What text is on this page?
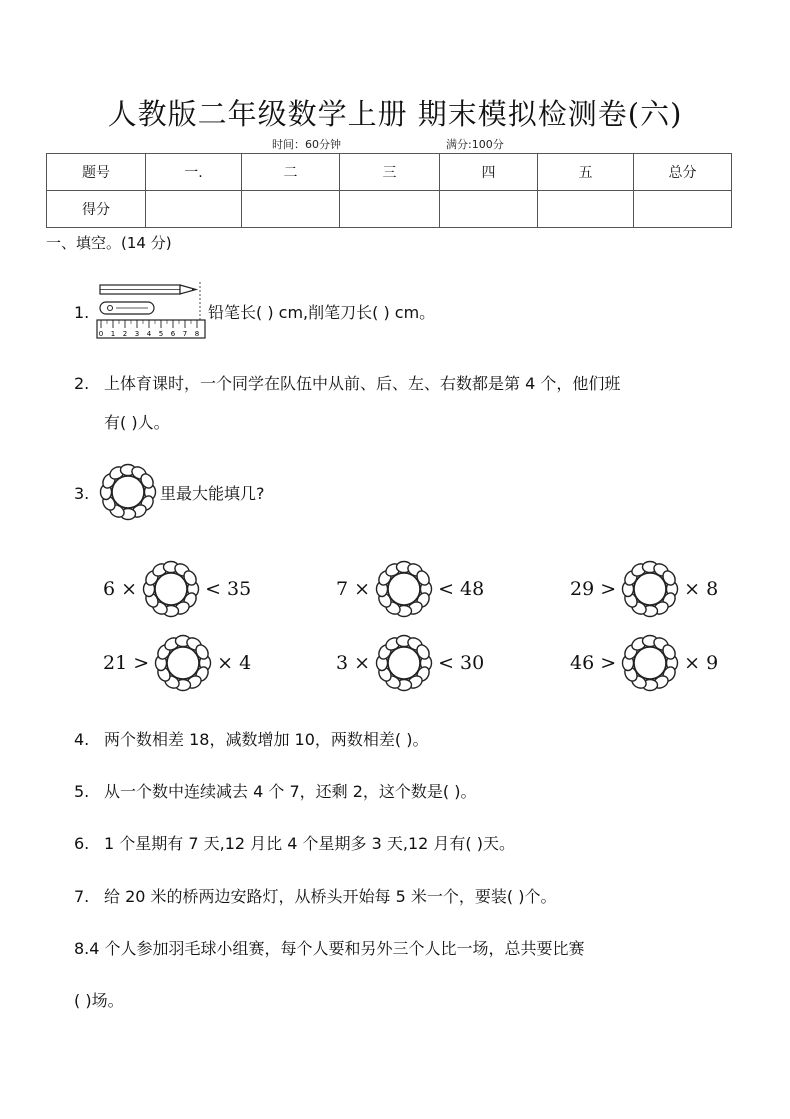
人教版二年级数学上册 期末模拟检测卷(六)
时间：60分钟	满分:100分
题号	一.	二	三	四	五	总分
得分						
一、填空。(14 分)
1.
0 1 2 3 4 5 6 7 8
铅笔长( ) cm,削笔刀长( ) cm。
2. 上体育课时，一个同学在队伍中从前、后、左、右数都是第 4 个，他们班
有( )人。
3.	里最大能填几?
6 ×	< 35	7 ×	< 48	29 >	× 8
21 >	× 4	3 ×	< 30	46 >	× 9
4. 两个数相差 18，减数增加 10，两数相差( )。
5. 从一个数中连续减去 4 个 7，还剩 2，这个数是( )。
6. 1 个星期有 7 天,12 月比 4 个星期多 3 天,12 月有( )天。
7. 给 20 米的桥两边安路灯，从桥头开始每 5 米一个，要装( )个。
8.4 个人参加羽毛球小组赛，每个人要和另外三个人比一场，总共要比赛
( )场。
